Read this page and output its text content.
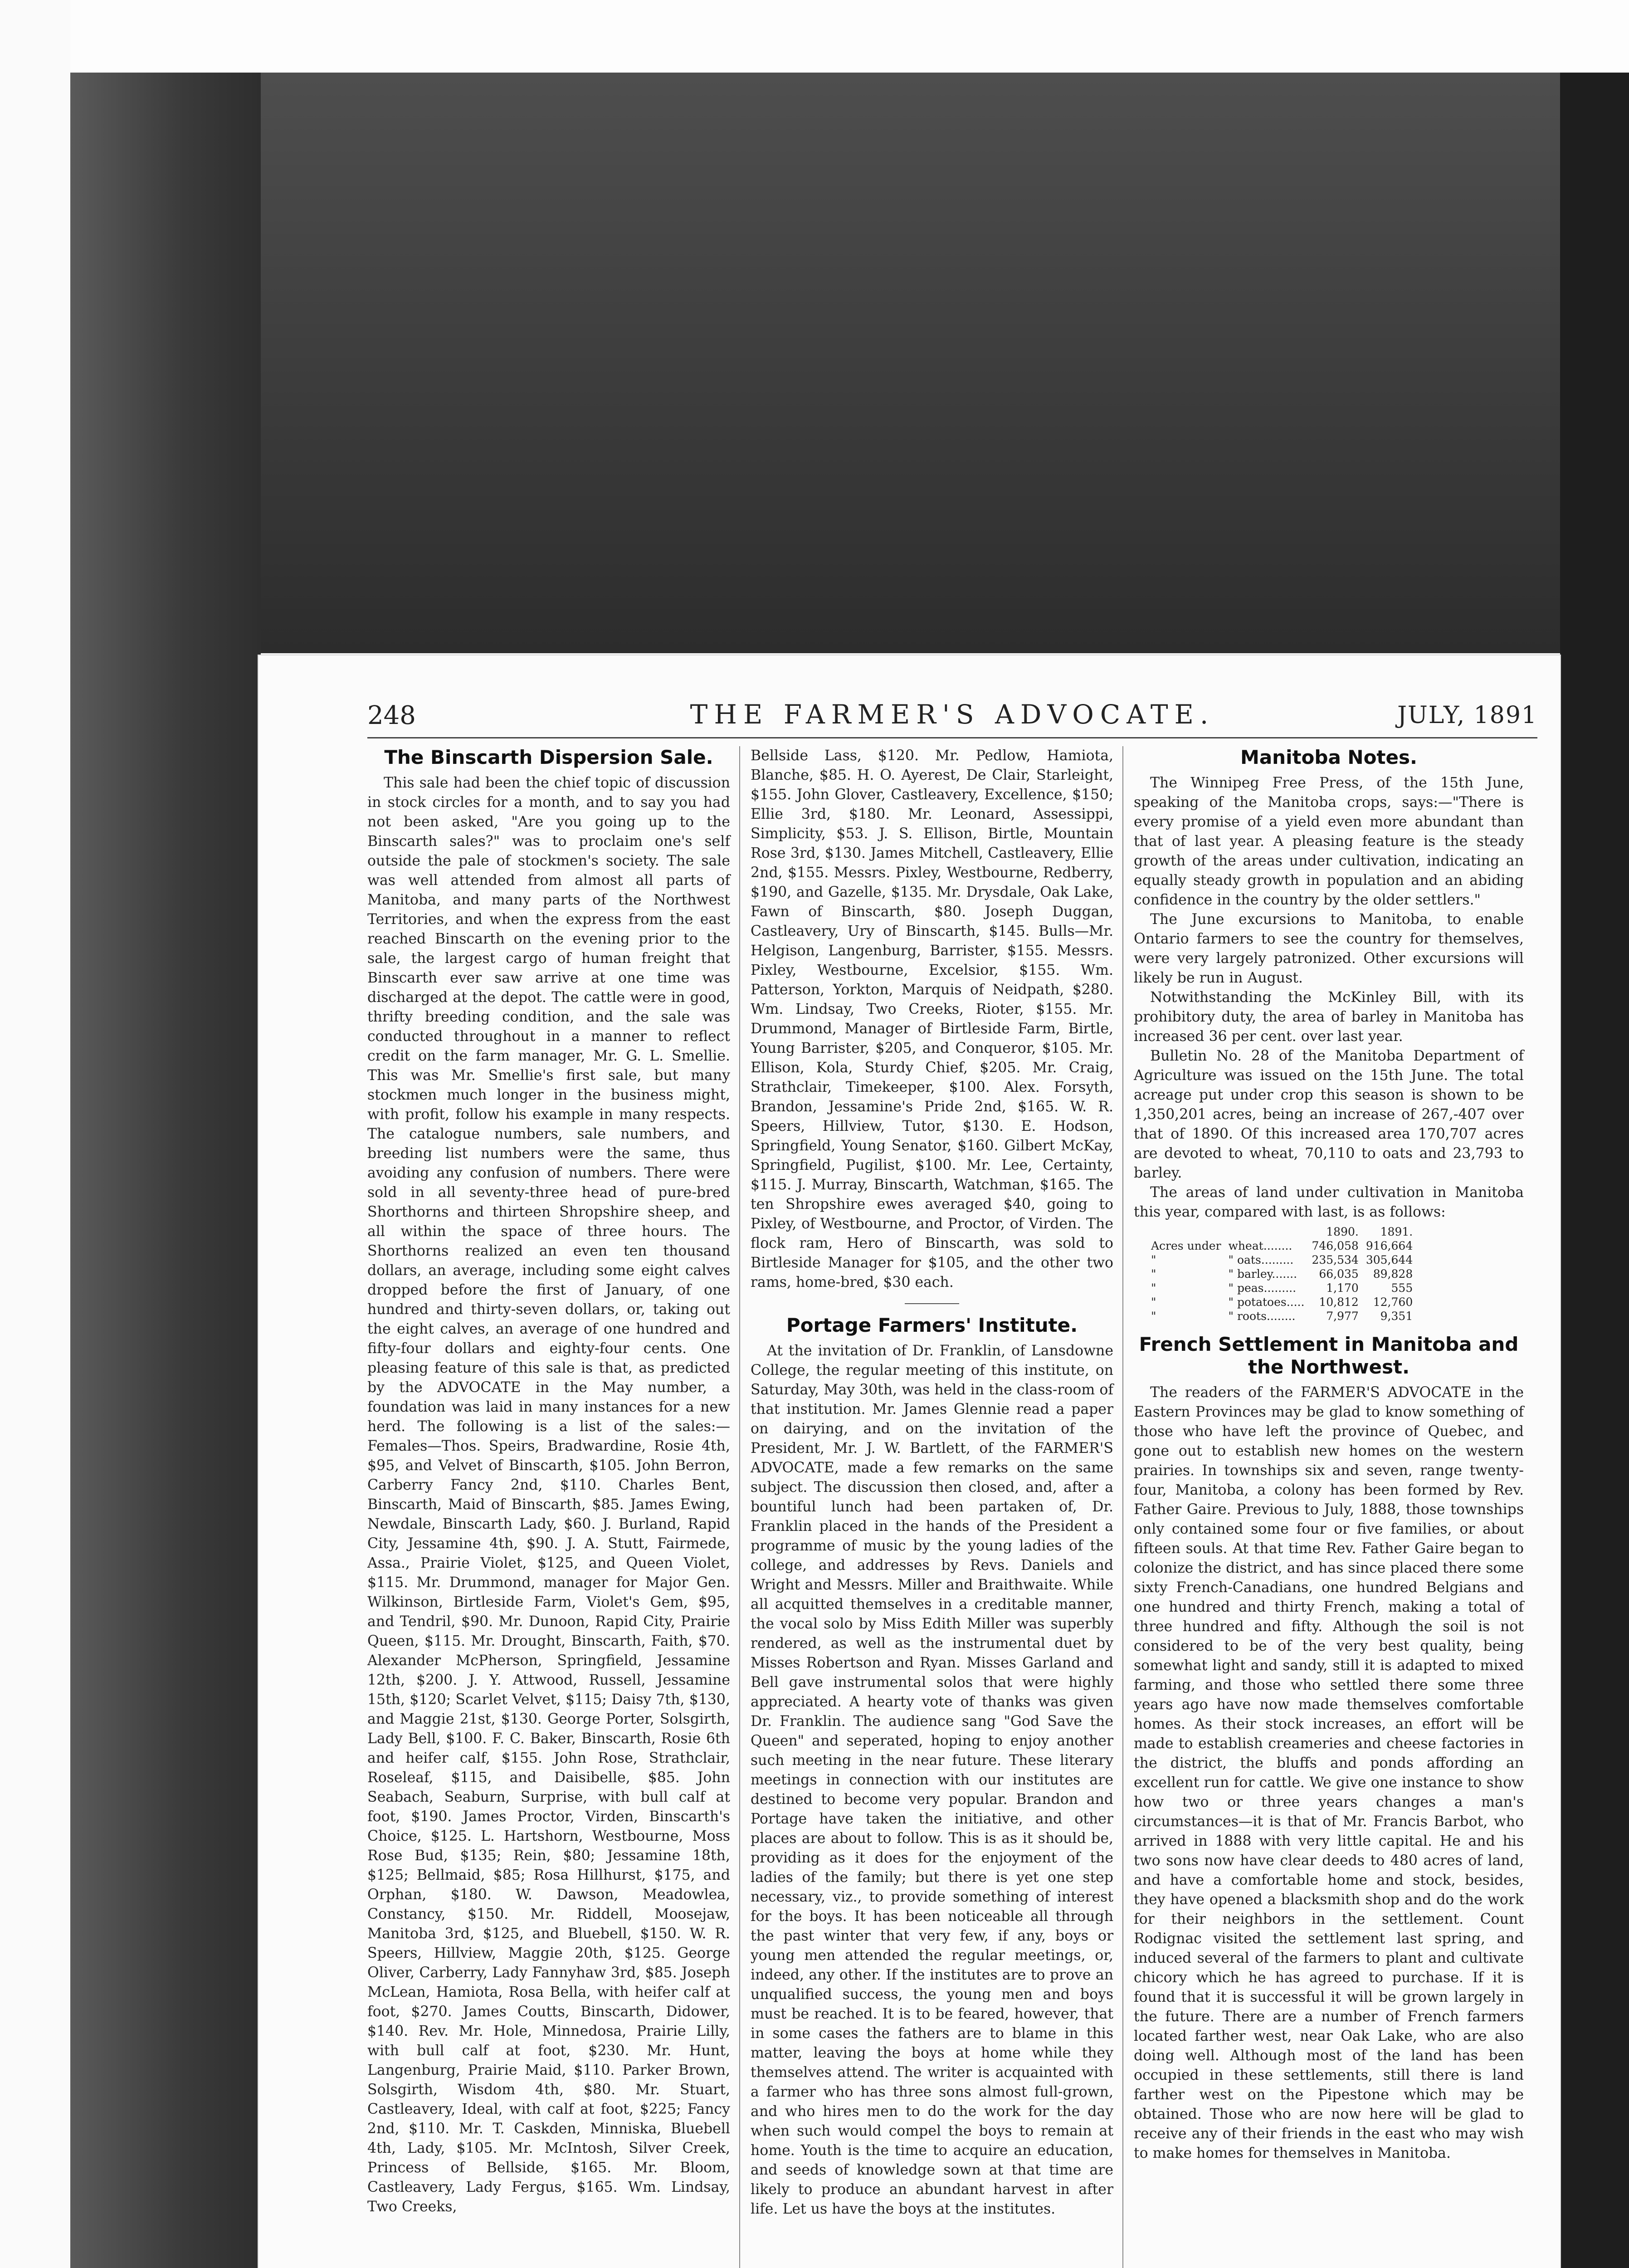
248	THE FARMER'S ADVOCATE.	JULY, 1891
The Binscarth Dispersion Sale.

This sale had been the chief topic of discussion in stock circles for a month, and to say you had not been asked, "Are you going up to the Binscarth sales?" was to proclaim one's self outside the pale of stockmen's society. The sale was well attended from almost all parts of Manitoba, and many parts of the Northwest Territories, and when the express from the east reached Binscarth on the evening prior to the sale, the largest cargo of human freight that Binscarth ever saw arrive at one time was discharged at the depot. The cattle were in good, thrifty breeding condition, and the sale was conducted throughout in a manner to reflect credit on the farm manager, Mr. G. L. Smellie. This was Mr. Smellie's first sale, but many stockmen much longer in the business might, with profit, follow his example in many respects. The catalogue numbers, sale numbers, and breeding list numbers were the same, thus avoiding any confusion of numbers. There were sold in all seventy-three head of pure-bred Shorthorns and thirteen Shropshire sheep, and all within the space of three hours. The Shorthorns realized an even ten thousand dollars, an average, including some eight calves dropped before the first of January, of one hundred and thirty-seven dollars, or, taking out the eight calves, an average of one hundred and fifty-four dollars and eighty-four cents. One pleasing feature of this sale is that, as predicted by the ADVOCATE in the May number, a foundation was laid in many instances for a new herd. The following is a list of the sales:—Females—Thos. Speirs, Bradwardine, Rosie 4th, $95, and Velvet of Binscarth, $105. John Berron, Carberry Fancy 2nd, $110. Charles Bent, Binscarth, Maid of Binscarth, $85. James Ewing, Newdale, Binscarth Lady, $60. J. Burland, Rapid City, Jessamine 4th, $90. J. A. Stutt, Fairmede, Assa., Prairie Violet, $125, and Queen Violet, $115. Mr. Drummond, manager for Major Gen. Wilkinson, Birtleside Farm, Violet's Gem, $95, and Tendril, $90. Mr. Dunoon, Rapid City, Prairie Queen, $115. Mr. Drought, Binscarth, Faith, $70. Alexander McPherson, Springfield, Jessamine 12th, $200. J. Y. Attwood, Russell, Jessamine 15th, $120; Scarlet Velvet, $115; Daisy 7th, $130, and Maggie 21st, $130. George Porter, Solsgirth, Lady Bell, $100. F. C. Baker, Binscarth, Rosie 6th and heifer calf, $155. John Rose, Strathclair, Roseleaf, $115, and Daisibelle, $85. John Seabach, Seaburn, Surprise, with bull calf at foot, $190. James Proctor, Virden, Binscarth's Choice, $125. L. Hartshorn, Westbourne, Moss Rose Bud, $135; Rein, $80; Jessamine 18th, $125; Bellmaid, $85; Rosa Hillhurst, $175, and Orphan, $180. W. Dawson, Meadowlea, Constancy, $150. Mr. Riddell, Moosejaw, Manitoba 3rd, $125, and Bluebell, $150. W. R. Speers, Hillview, Maggie 20th, $125. George Oliver, Carberry, Lady Fannyhaw 3rd, $85. Joseph McLean, Hamiota, Rosa Bella, with heifer calf at foot, $270. James Coutts, Binscarth, Didower, $140. Rev. Mr. Hole, Minnedosa, Prairie Lilly, with bull calf at foot, $230. Mr. Hunt, Langenburg, Prairie Maid, $110. Parker Brown, Solsgirth, Wisdom 4th, $80. Mr. Stuart, Castleavery, Ideal, with calf at foot, $225; Fancy 2nd, $110. Mr. T. Caskden, Minniska, Bluebell 4th, Lady, $105. Mr. McIntosh, Silver Creek, Princess of Bellside, $165. Mr. Bloom, Castleavery, Lady Fergus, $165. Wm. Lindsay, Two Creeks,

Bellside Lass, $120. Mr. Pedlow, Hamiota, Blanche, $85. H. O. Ayerest, De Clair, Starleight, $155. John Glover, Castleavery, Excellence, $150; Ellie 3rd, $180. Mr. Leonard, Assessippi, Simplicity, $53. J. S. Ellison, Birtle, Mountain Rose 3rd, $130. James Mitchell, Castleavery, Ellie 2nd, $155. Messrs. Pixley, Westbourne, Redberry, $190, and Gazelle, $135. Mr. Drysdale, Oak Lake, Fawn of Binscarth, $80. Joseph Duggan, Castleavery, Ury of Binscarth, $145. Bulls—Mr. Helgison, Langenburg, Barrister, $155. Messrs. Pixley, Westbourne, Excelsior, $155. Wm. Patterson, Yorkton, Marquis of Neidpath, $280. Wm. Lindsay, Two Creeks, Rioter, $155. Mr. Drummond, Manager of Birtleside Farm, Birtle, Young Barrister, $205, and Conqueror, $105. Mr. Ellison, Kola, Sturdy Chief, $205. Mr. Craig, Strathclair, Timekeeper, $100. Alex. Forsyth, Brandon, Jessamine's Pride 2nd, $165. W. R. Speers, Hillview, Tutor, $130. E. Hodson, Springfield, Young Senator, $160. Gilbert McKay, Springfield, Pugilist, $100. Mr. Lee, Certainty, $115. J. Murray, Binscarth, Watchman, $165. The ten Shropshire ewes averaged $40, going to Pixley, of Westbourne, and Proctor, of Virden. The flock ram, Hero of Binscarth, was sold to Birtleside Manager for $105, and the other two rams, home-bred, $30 each.

Portage Farmers' Institute.

At the invitation of Dr. Franklin, of Lansdowne College, the regular meeting of this institute, on Saturday, May 30th, was held in the class-room of that institution. Mr. James Glennie read a paper on dairying, and on the invitation of the President, Mr. J. W. Bartlett, of the FARMER'S ADVOCATE, made a few remarks on the same subject. The discussion then closed, and, after a bountiful lunch had been partaken of, Dr. Franklin placed in the hands of the President a programme of music by the young ladies of the college, and addresses by Revs. Daniels and Wright and Messrs. Miller and Braithwaite. While all acquitted themselves in a creditable manner, the vocal solo by Miss Edith Miller was superbly rendered, as well as the instrumental duet by Misses Robertson and Ryan. Misses Garland and Bell gave instrumental solos that were highly appreciated. A hearty vote of thanks was given Dr. Franklin. The audience sang "God Save the Queen" and seperated, hoping to enjoy another such meeting in the near future. These literary meetings in connection with our institutes are destined to become very popular. Brandon and Portage have taken the initiative, and other places are about to follow. This is as it should be, providing as it does for the enjoyment of the ladies of the family; but there is yet one step necessary, viz., to provide something of interest for the boys. It has been noticeable all through the past winter that very few, if any, boys or young men attended the regular meetings, or, indeed, any other. If the institutes are to prove an unqualified success, the young men and boys must be reached. It is to be feared, however, that in some cases the fathers are to blame in this matter, leaving the boys at home while they themselves attend. The writer is acquainted with a farmer who has three sons almost full-grown, and who hires men to do the work for the day when such would compel the boys to remain at home. Youth is the time to acquire an education, and seeds of knowledge sown at that time are likely to produce an abundant harvest in after life. Let us have the boys at the institutes.

Manitoba Notes.

The Winnipeg Free Press, of the 15th June, speaking of the Manitoba crops, says:—"There is every promise of a yield even more abundant than that of last year. A pleasing feature is the steady growth of the areas under cultivation, indicating an equally steady growth in population and an abiding confidence in the country by the older settlers."

The June excursions to Manitoba, to enable Ontario farmers to see the country for themselves, were very largely patronized. Other excursions will likely be run in August.

Notwithstanding the McKinley Bill, with its prohibitory duty, the area of barley in Manitoba has increased 36 per cent. over last year.

Bulletin No. 28 of the Manitoba Department of Agriculture was issued on the 15th June. The total acreage put under crop this season is shown to be 1,350,201 acres, being an increase of 267,-407 over that of 1890. Of this increased area 170,707 acres are devoted to wheat, 70,110 to oats and 23,793 to barley.

The areas of land under cultivation in Manitoba this year, compared with last, is as follows:

		1890.	1891.
Acres under	wheat........	746,058	916,664
"	" oats.........	235,534	305,644
"	" barley.......	66,035	89,828
"	" peas.........	1,170	555
"	" potatoes.....	10,812	12,760
"	" roots........	7,977	9,351
French Settlement in Manitoba and the Northwest.

The readers of the FARMER'S ADVOCATE in the Eastern Provinces may be glad to know something of those who have left the province of Quebec, and gone out to establish new homes on the western prairies. In townships six and seven, range twenty-four, Manitoba, a colony has been formed by Rev. Father Gaire. Previous to July, 1888, those townships only contained some four or five families, or about fifteen souls. At that time Rev. Father Gaire began to colonize the district, and has since placed there some sixty French-Canadians, one hundred Belgians and one hundred and thirty French, making a total of three hundred and fifty. Although the soil is not considered to be of the very best quality, being somewhat light and sandy, still it is adapted to mixed farming, and those who settled there some three years ago have now made themselves comfortable homes. As their stock increases, an effort will be made to establish creameries and cheese factories in the district, the bluffs and ponds affording an excellent run for cattle. We give one instance to show how two or three years changes a man's circumstances—it is that of Mr. Francis Barbot, who arrived in 1888 with very little capital. He and his two sons now have clear deeds to 480 acres of land, and have a comfortable home and stock, besides, they have opened a blacksmith shop and do the work for their neighbors in the settlement. Count Rodignac visited the settlement last spring, and induced several of the farmers to plant and cultivate chicory which he has agreed to purchase. If it is found that it is successful it will be grown largely in the future. There are a number of French farmers located farther west, near Oak Lake, who are also doing well. Although most of the land has been occupied in these settlements, still there is land farther west on the Pipestone which may be obtained. Those who are now here will be glad to receive any of their friends in the east who may wish to make homes for themselves in Manitoba.
